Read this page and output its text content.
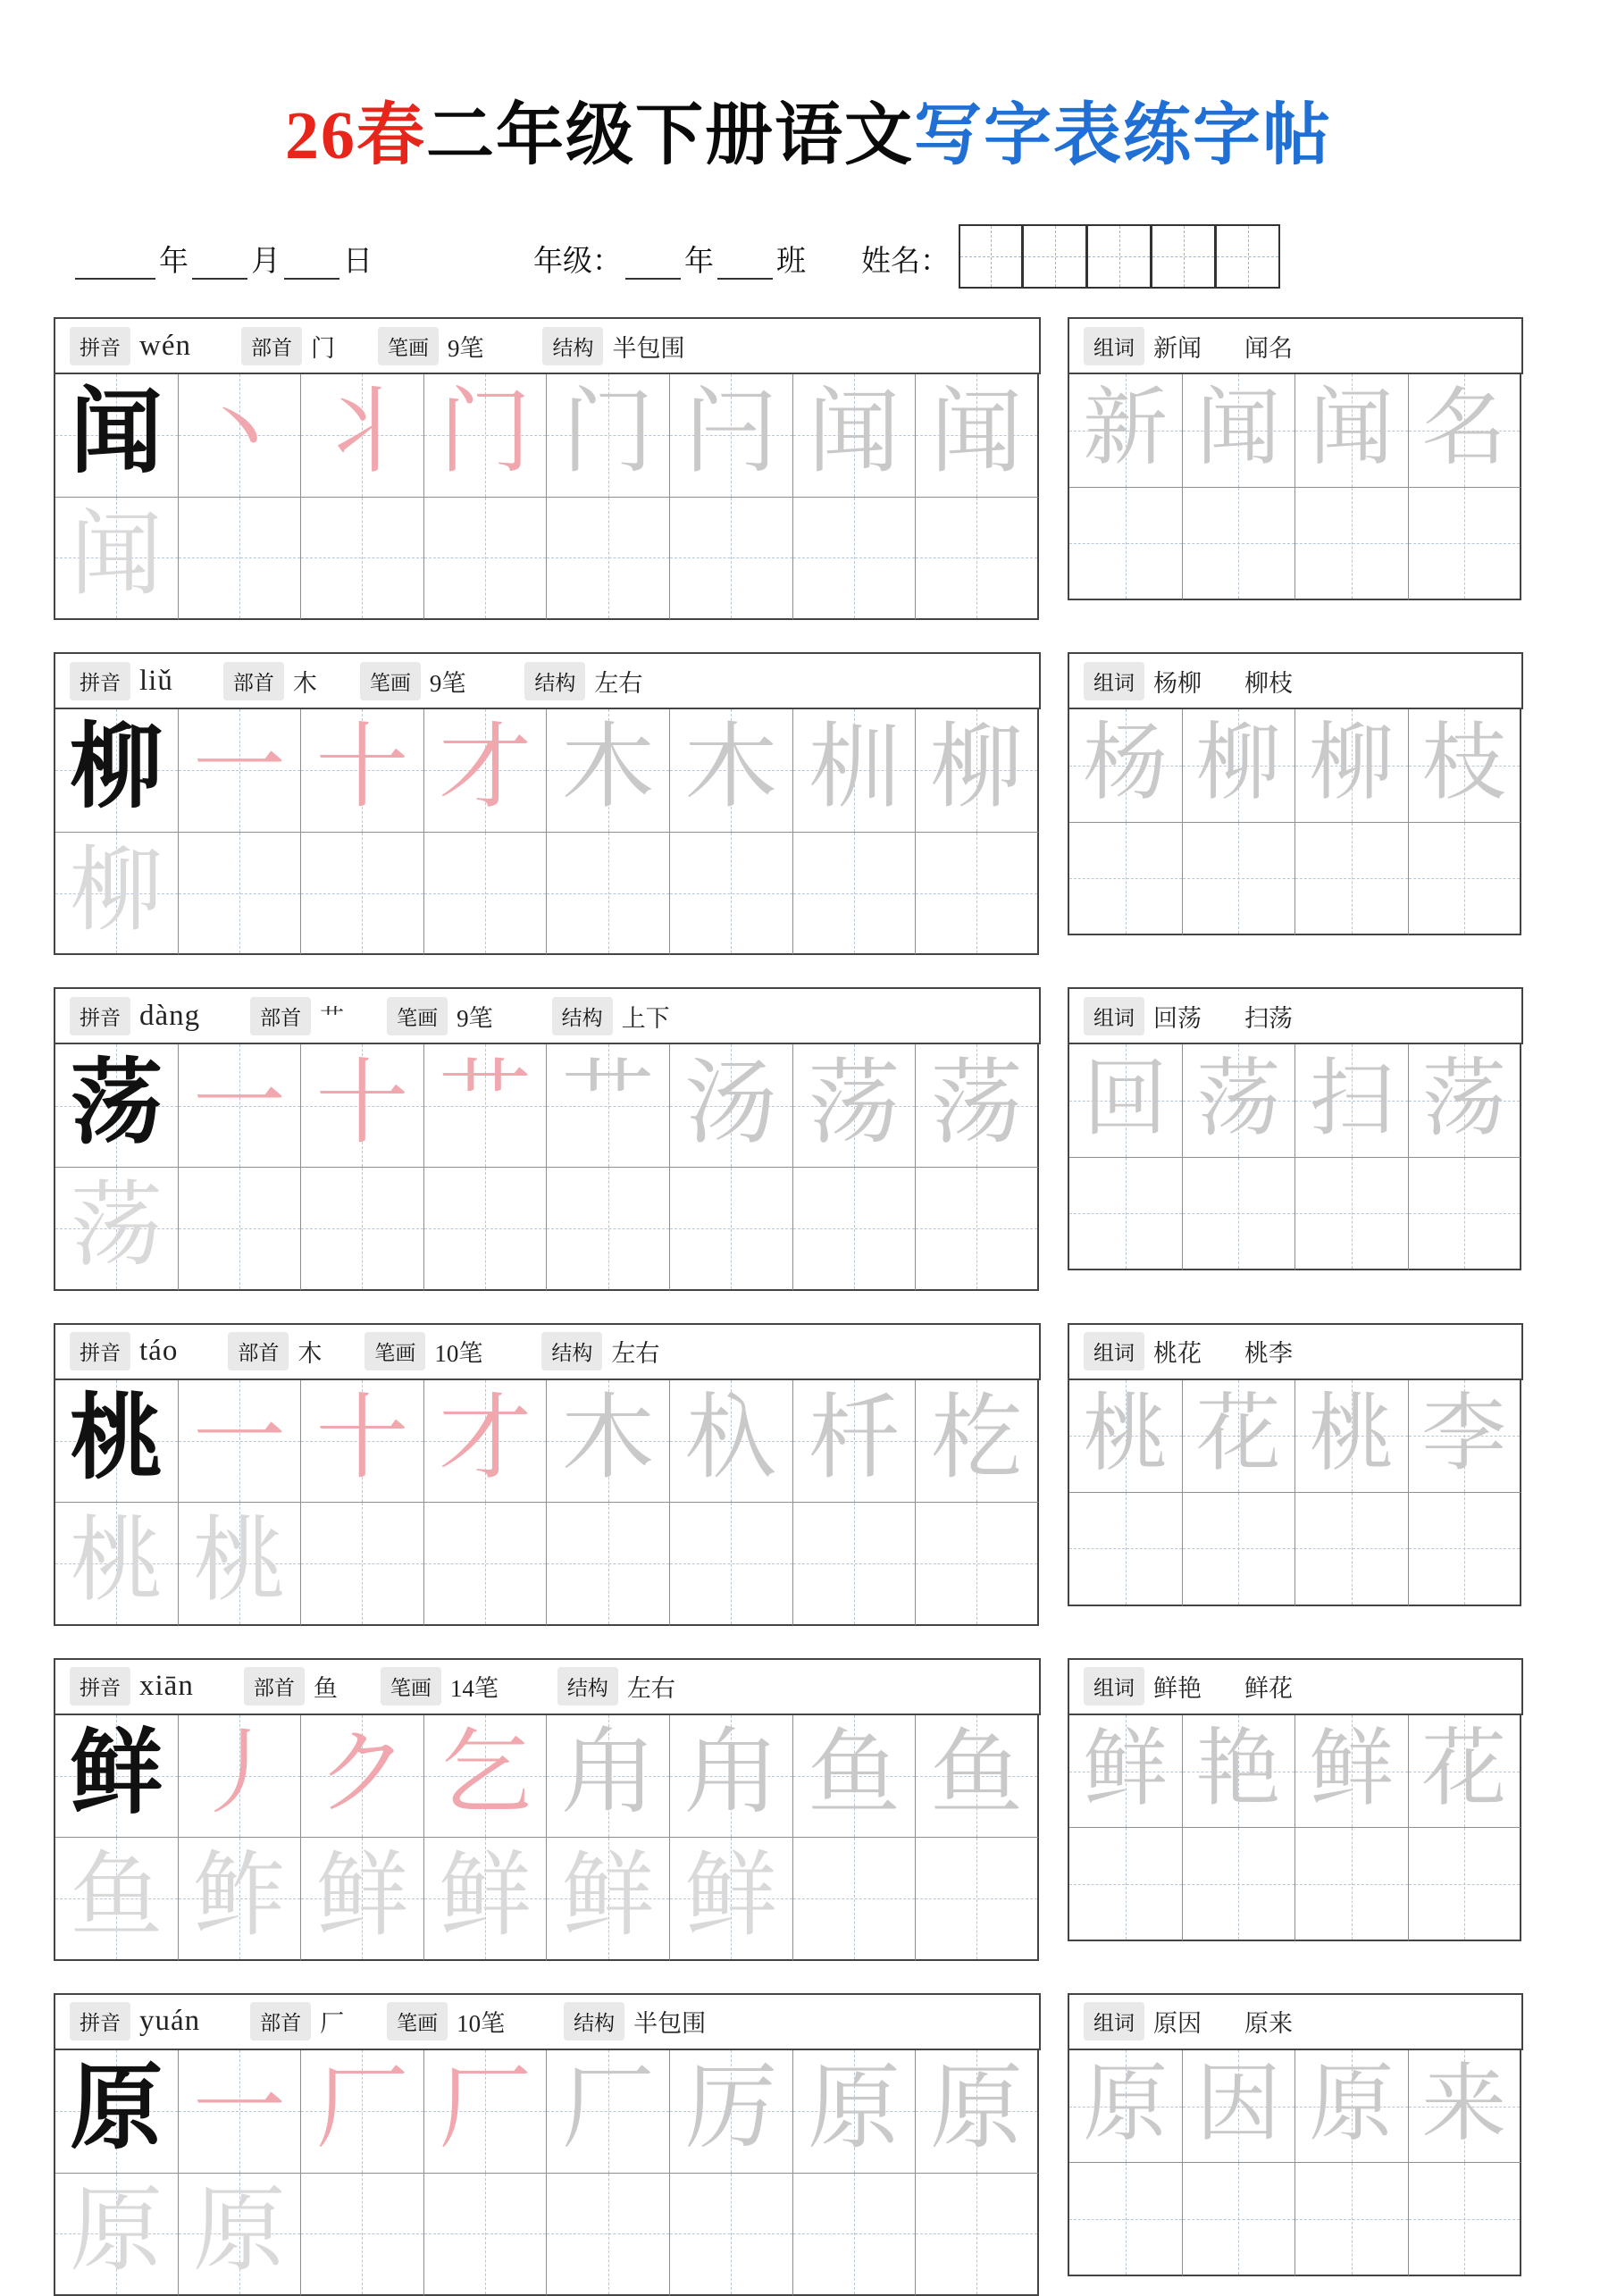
26春二年级下册语文写字表练字帖
年 月 日	年级： 年 班 姓名：
拼音 wén	部首 门	笔画 9笔	结构 半包围
闻 丶 丬 门 门 闩 闻 闻
闻
组词 新闻 闻名
新 闻 闻 名
拼音 liǔ	部首 木	笔画 9笔	结构 左右
柳 一 十 才 木 木 杊 柳
柳
组词 杨柳 柳枝
杨 柳 柳 枝
拼音 dàng	部首 艹	笔画 9笔	结构 上下
荡 一 十 艹 艹 汤 荡 荡
荡
组词 回荡 扫荡
回 荡 扫 荡
拼音 táo	部首 木	笔画 10笔	结构 左右
桃 一 十 才 木 杁 杄 杚
桃 桃
组词 桃花 桃李
桃 花 桃 李
拼音 xiān	部首 鱼	笔画 14笔	结构 左右
鲜 丿 ク 乞 甪 甪 鱼 鱼
鱼 鲊 鲜 鲜 鲜 鲜
组词 鲜艳 鲜花
鲜 艳 鲜 花
拼音 yuán	部首 厂	笔画 10笔	结构 半包围
原 一 厂 厂 厂 厉 原 原
原 原
组词 原因 原来
原 因 原 来
